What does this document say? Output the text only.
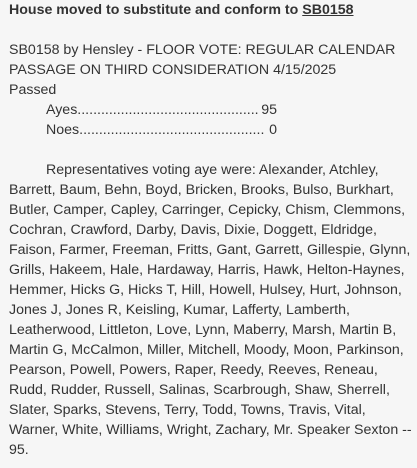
House moved to substitute and conform to SB0158
SB0158 by Hensley - FLOOR VOTE: REGULAR CALENDAR PASSAGE ON THIRD CONSIDERATION 4/15/2025
Passed
Ayes .............................................. 95
Noes ............................................... 0
Representatives voting aye were: Alexander, Atchley, Barrett, Baum, Behn, Boyd, Bricken, Brooks, Bulso, Burkhart, Butler, Camper, Capley, Carringer, Cepicky, Chism, Clemmons, Cochran, Crawford, Darby, Davis, Dixie, Doggett, Eldridge, Faison, Farmer, Freeman, Fritts, Gant, Garrett, Gillespie, Glynn, Grills, Hakeem, Hale, Hardaway, Harris, Hawk, Helton-Haynes, Hemmer, Hicks G, Hicks T, Hill, Howell, Hulsey, Hurt, Johnson, Jones J, Jones R, Keisling, Kumar, Lafferty, Lamberth, Leatherwood, Littleton, Love, Lynn, Maberry, Marsh, Martin B, Martin G, McCalmon, Miller, Mitchell, Moody, Moon, Parkinson, Pearson, Powell, Powers, Raper, Reedy, Reeves, Reneau, Rudd, Rudder, Russell, Salinas, Scarbrough, Shaw, Sherrell, Slater, Sparks, Stevens, Terry, Todd, Towns, Travis, Vital, Warner, White, Williams, Wright, Zachary, Mr. Speaker Sexton -- 95.
